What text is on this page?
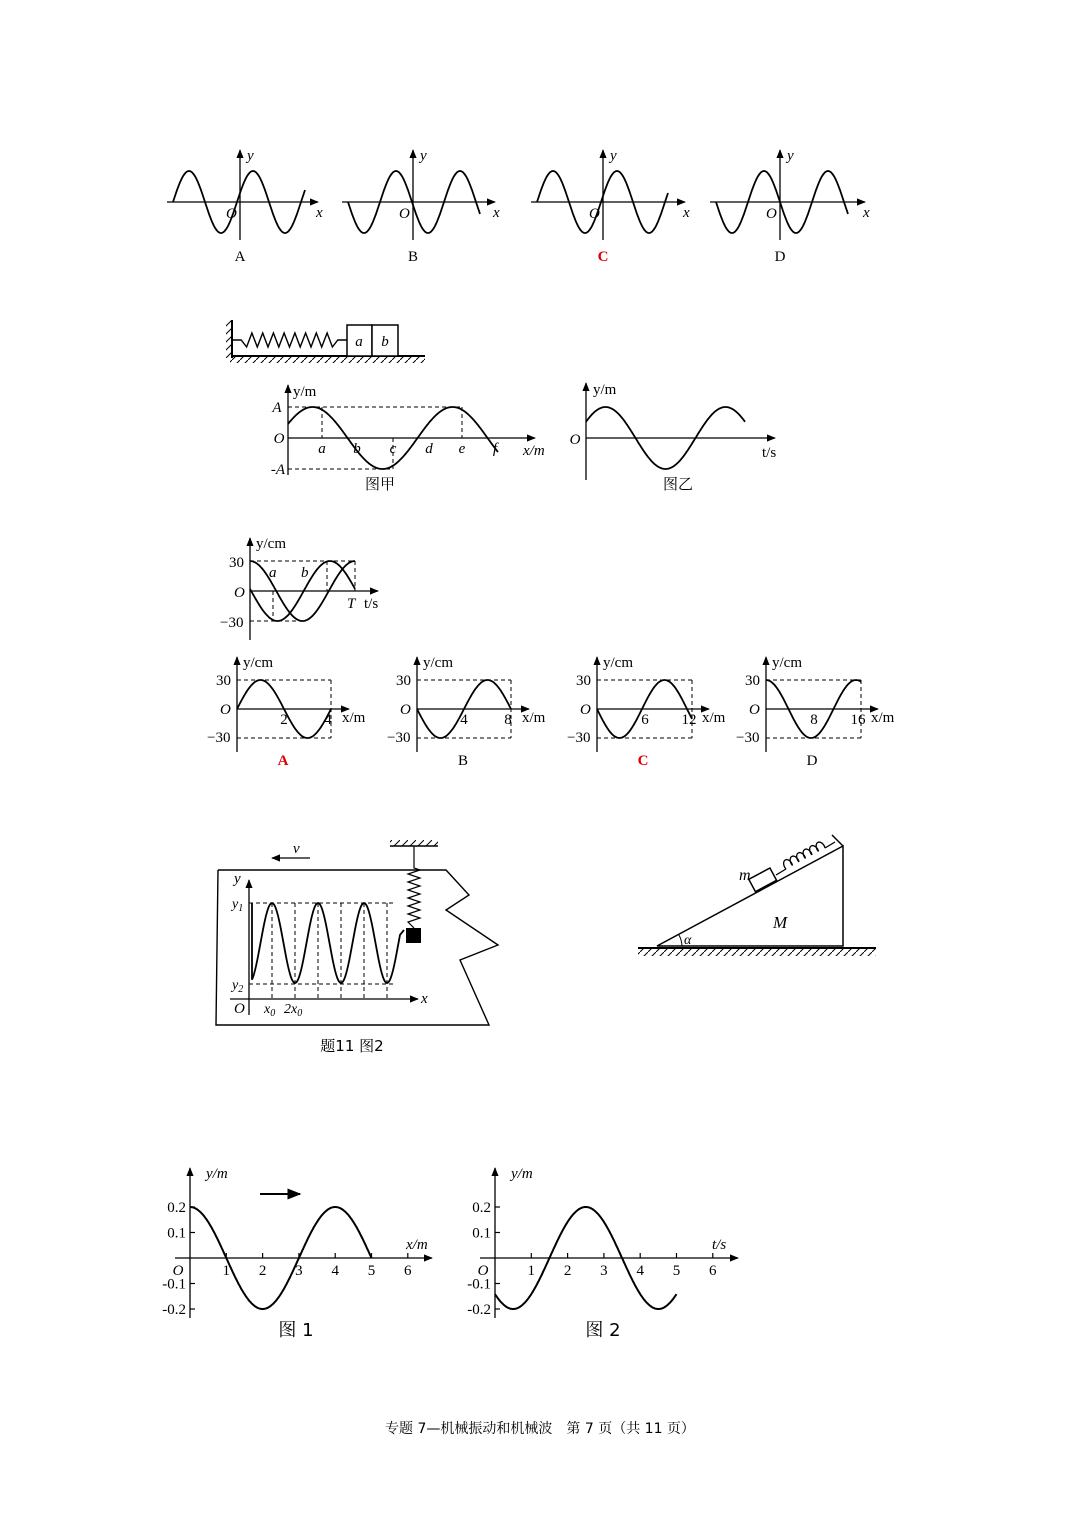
y
x
O
A
y
x
O
B
y
x
O
C
y
x
O
D
a b
y/m
A
-A
O
a b c d e f x/m
图甲
y/m
O
t/s
图乙
y/cm
30
−30
O
a b
T t/s
y/cm
30
−30
O
2 4 x/m
A
y/cm
30
−30
O
4 8 x/m
B
y/cm
30
−30
O
6 12 x/m
C
y/cm
30
−30
O
8 16 x/m
D
v
y
$y_1$
$y_2$
O $x_0$ $2x_0$
x
题11 图2
α
m
M
0.2
0.1
-0.1
-0.2
1 2 3 4 5 6
y/m
x/m
O
图 1
0.2
0.1
-0.1
-0.2
1 2 3 4 5 6
y/m
t/s
O
图 2
专题 7—机械振动和机械波　第 7 页（共 11 页）
